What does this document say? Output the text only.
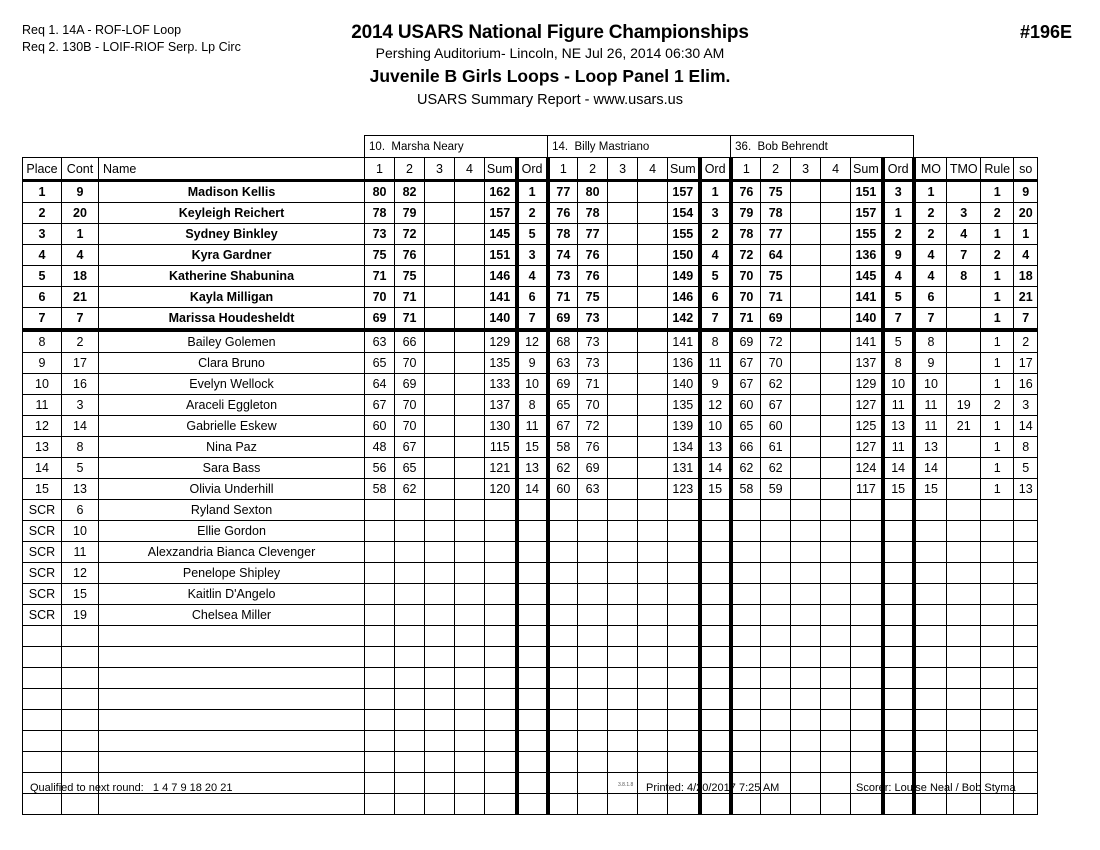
Req 1. 14A - ROF-LOF Loop
Req 2. 130B - LOIF-RIOF Serp. Lp Circ
2014 USARS National Figure Championships
Pershing Auditorium- Lincoln, NE Jul 26, 2014 06:30 AM
Juvenile B Girls Loops - Loop Panel 1 Elim.
USARS Summary Report - www.usars.us
#196E
			10. Marsha Neary						14. Billy Mastriano						36. Bob Behrendt									
Place	Cont	Name	1	2	3	4	Sum	Ord	1	2	3	4	Sum	Ord	1	2	3	4	Sum	Ord	MO	TMO	Rule	so
1	9	Madison Kellis	80	82			162	1	77	80			157	1	76	75			151	3	1		1	9
2	20	Keyleigh Reichert	78	79			157	2	76	78			154	3	79	78			157	1	2	3	2	20
3	1	Sydney Binkley	73	72			145	5	78	77			155	2	78	77			155	2	2	4	1	1
4	4	Kyra Gardner	75	76			151	3	74	76			150	4	72	64			136	9	4	7	2	4
5	18	Katherine Shabunina	71	75			146	4	73	76			149	5	70	75			145	4	4	8	1	18
6	21	Kayla Milligan	70	71			141	6	71	75			146	6	70	71			141	5	6		1	21
7	7	Marissa Houdesheldt	69	71			140	7	69	73			142	7	71	69			140	7	7		1	7
8	2	Bailey Golemen	63	66			129	12	68	73			141	8	69	72			141	5	8		1	2
9	17	Clara Bruno	65	70			135	9	63	73			136	11	67	70			137	8	9		1	17
10	16	Evelyn Wellock	64	69			133	10	69	71			140	9	67	62			129	10	10		1	16
11	3	Araceli Eggleton	67	70			137	8	65	70			135	12	60	67			127	11	11	19	2	3
12	14	Gabrielle Eskew	60	70			130	11	67	72			139	10	65	60			125	13	11	21	1	14
13	8	Nina Paz	48	67			115	15	58	76			134	13	66	61			127	11	13		1	8
14	5	Sara Bass	56	65			121	13	62	69			131	14	62	62			124	14	14		1	5
15	13	Olivia Underhill	58	62			120	14	60	63			123	15	58	59			117	15	15		1	13
SCR	6	Ryland Sexton																						
SCR	10	Ellie Gordon																						
SCR	11	Alexzandria Bianca Clevenger																						
SCR	12	Penelope Shipley																						
SCR	15	Kaitlin D'Angelo																						
SCR	19	Chelsea Miller																						

Qualified to next round: 1 4 7 9 18 20 21	3.8.1.8 Printed: 4/20/2017 7:25 AM	Scorer: Louise Neal / Bob Styma
